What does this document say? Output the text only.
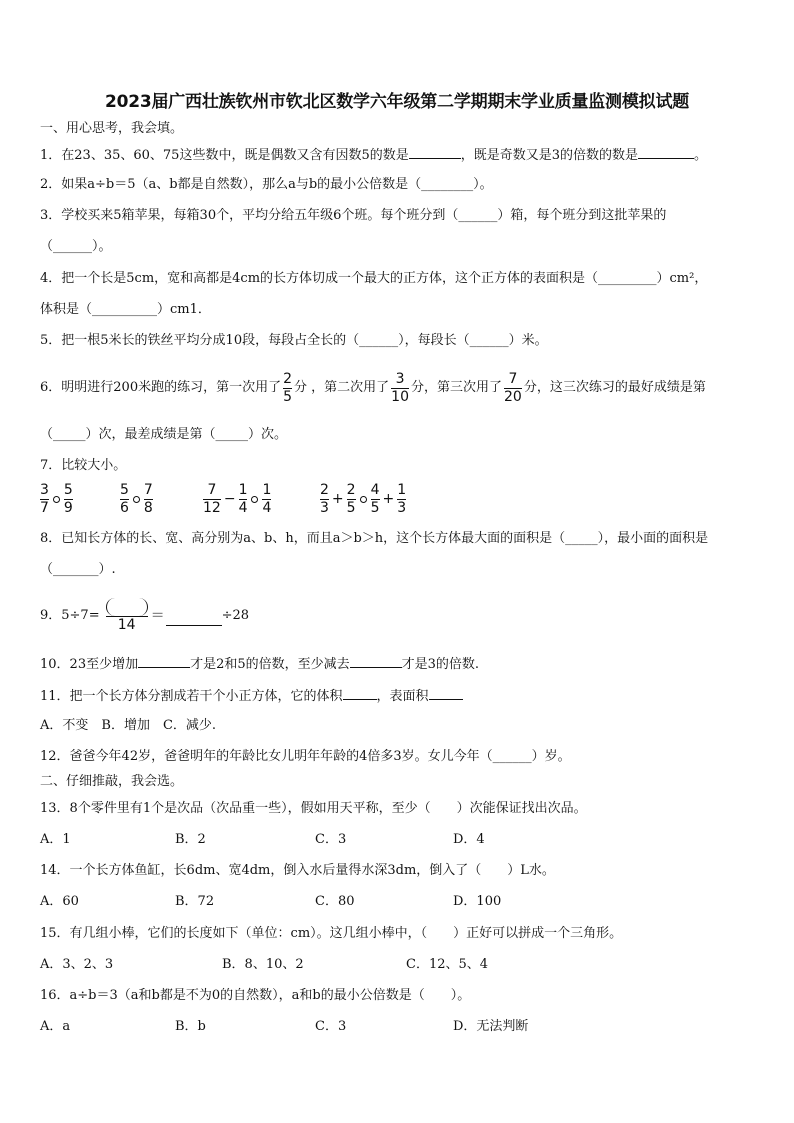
2023届广西壮族钦州市钦北区数学六年级第二学期期末学业质量监测模拟试题
一、用心思考，我会填。
1．在23、35、60、75这些数中，既是偶数又含有因数5的数是	，既是奇数又是3的倍数的数是	。
2．如果a÷b＝5（a、b都是自然数），那么a与b的最小公倍数是（________）。
3．学校买来5箱苹果，每箱30个，平均分给五年级6个班。每个班分到（______）箱，每个班分到这批苹果的
（______）。
4．把一个长是5cm，宽和高都是4cm的长方体切成一个最大的正方体，这个正方体的表面积是（_________）cm²，
体积是（__________）cm1．
5．把一根5米长的铁丝平均分成10段，每段占全长的（______），每段长（______）米。
6．明明进行200米跑的练习，第一次用了 $\frac{2}{5}$ 分 ，第二次用了 $\frac{3}{10}$ 分，第三次用了 $\frac{7}{20}$ 分，这三次练习的最好成绩是第
（_____）次，最差成绩是第（_____）次。
7．比较大小。
$\frac{3}{7} \frac{5}{9}$	$\frac{5}{6} \frac{7}{8}$	$\frac{7}{12} - \frac{1}{4} \frac{1}{4}$	$\frac{2}{3} + \frac{2}{5} \frac{4}{5} + \frac{1}{3}$
8．已知长方体的长、宽、高分别为a、b、h，而且a＞b＞h，这个长方体最大面的面积是（_____），最小面的面积是
（_______）.
9．5÷7=
14
＝	÷28
10．23至少增加	才是2和5的倍数，至少减去	才是3的倍数.
11．把一个长方体分割成若干个小正方体，它的体积	，表面积
A．不变　B．增加　C．减少.
12．爸爸今年42岁，爸爸明年的年龄比女儿明年年龄的4倍多3岁。女儿今年（______）岁。
二、仔细推敲，我会选。
13．8个零件里有1个是次品（次品重一些），假如用天平称，至少（　　）次能保证找出次品。
A．1	B．2	C．3	D．4
14．一个长方体鱼缸，长6dm、宽4dm，倒入水后量得水深3dm，倒入了（　　）L水。
A．60	B．72	C．80	D．100
15．有几组小棒，它们的长度如下（单位：cm）。这几组小棒中，（　　）正好可以拼成一个三角形。
A．3、2、3	B．8、10、2	C．12、5、4
16．a÷b＝3（a和b都是不为0的自然数），a和b的最小公倍数是（　　）。
A．a	B．b	C．3	D．无法判断
